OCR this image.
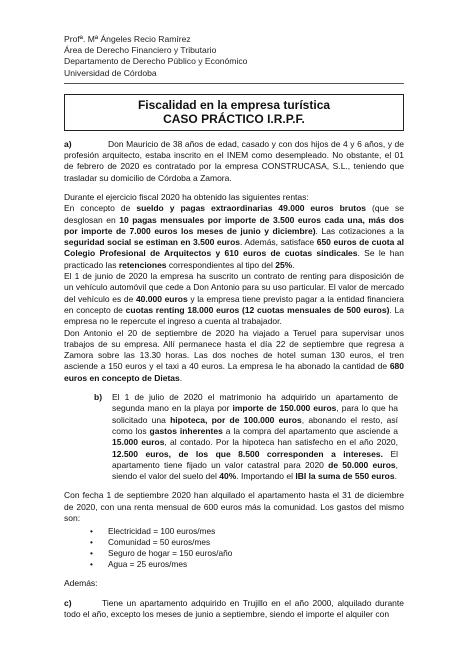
Profª. Mª Ángeles Recio Ramírez
Área de Derecho Financiero y Tributario
Departamento de Derecho Público y Económico
Universidad de Córdoba
Fiscalidad en la empresa turística
CASO PRÁCTICO I.R.P.F.

a)	Don Mauricio de 38 años de edad, casado y con dos hijos de 4 y 6 años, y de profesión arquitecto, estaba inscrito en el INEM como desempleado. No obstante, el 01 de febrero de 2020 es contratado por la empresa CONSTRUCASA, S.L., teniendo que trasladar su domicilio de Córdoba a Zamora.

Durante el ejercicio fiscal 2020 ha obtenido las siguientes rentas:

En concepto de sueldo y pagas extraordinarias 49.000 euros brutos (que se desglosan en 10 pagas mensuales por importe de 3.500 euros cada una, más dos por importe de 7.000 euros los meses de junio y diciembre). Las cotizaciones a la seguridad social se estiman en 3.500 euros. Además, satisface 650 euros de cuota al Colegio Profesional de Arquitectos y 610 euros de cuotas sindicales. Se le han practicado las retenciones correspondientes al tipo del 25%.

El 1 de junio de 2020 la empresa ha suscrito un contrato de renting para disposición de un vehículo automóvil que cede a Don Antonio para su uso particular. El valor de mercado del vehículo es de 40.000 euros y la empresa tiene previsto pagar a la entidad financiera en concepto de cuotas renting 18.000 euros (12 cuotas mensuales de 500 euros). La empresa no le repercute el ingreso a cuenta al trabajador.

Don Antonio el 20 de septiembre de 2020 ha viajado a Teruel para supervisar unos trabajos de su empresa. Allí permanece hasta el día 22 de septiembre que regresa a Zamora sobre las 13.30 horas. Las dos noches de hotel suman 130 euros, el tren asciende a 150 euros y el taxi a 40 euros. La empresa le ha abonado la cantidad de 680 euros en concepto de Dietas.

b) El 1 de julio de 2020 el matrimonio ha adquirido un apartamento de segunda mano en la playa por importe de 150.000 euros, para lo que ha solicitado una hipoteca, por de 100.000 euros, abonando el resto, así como los gastos inherentes a la compra del apartamento que asciende a 15.000 euros, al contado. Por la hipoteca han satisfecho en el año 2020, 12.500 euros, de los que 8.500 corresponden a intereses. El apartamento tiene fijado un valor catastral para 2020 de 50.000 euros, siendo el valor del suelo del 40%. Importando el IBI la suma de 550 euros.

Con fecha 1 de septiembre 2020 han alquilado el apartamento hasta el 31 de diciembre de 2020, con una renta mensual de 600 euros más la comunidad. Los gastos del mismo son:

• Electricidad = 100 euros/mes
• Comunidad = 50 euros/mes
• Seguro de hogar = 150 euros/año
• Agua = 25 euros/mes

Además:

c)	Tiene un apartamento adquirido en Trujillo en el año 2000, alquilado durante todo el año, excepto los meses de junio a septiembre, siendo el importe el alquiler con
